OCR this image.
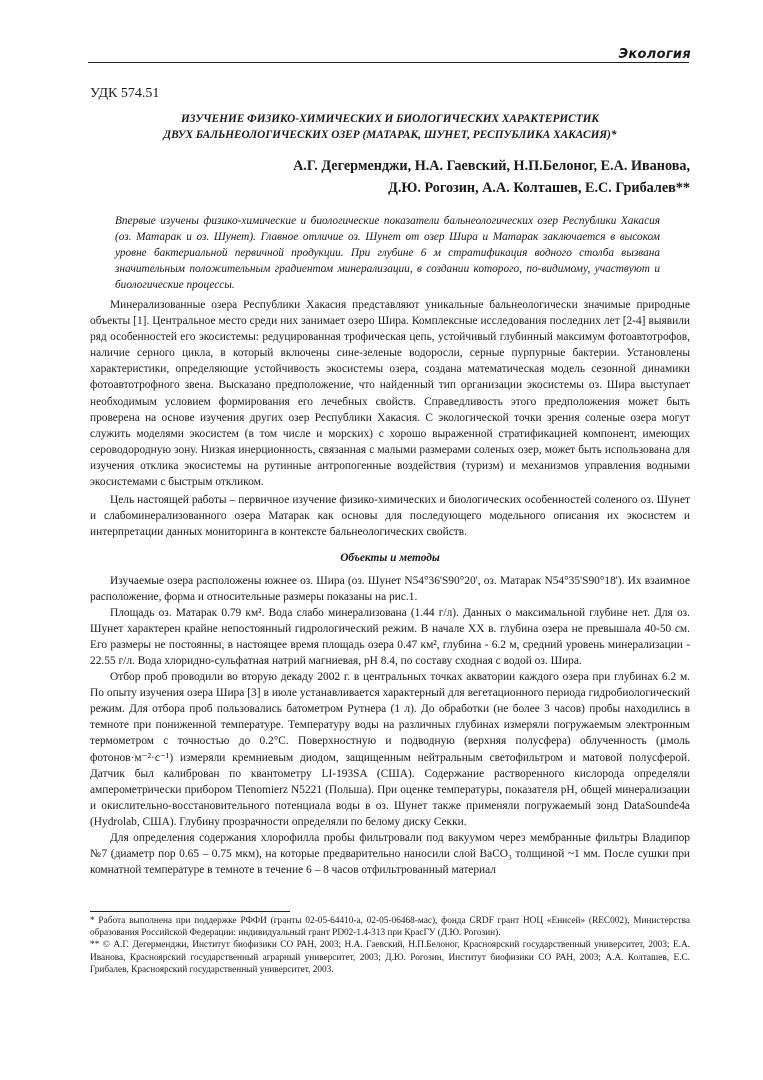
Экология
УДК 574.51
ИЗУЧЕНИЕ ФИЗИКО-ХИМИЧЕСКИХ И БИОЛОГИЧЕСКИХ ХАРАКТЕРИСТИК
ДВУХ БАЛЬНЕОЛОГИЧЕСКИХ ОЗЕР (МАТАРАК, ШУНЕТ, РЕСПУБЛИКА ХАКАСИЯ)*
А.Г. Дегерменджи, Н.А. Гаевский, Н.П.Белоног, Е.А. Иванова,
Д.Ю. Рогозин, А.А. Колташев, Е.С. Грибалев**
Впервые изучены физико-химические и биологические показатели бальнеологических озер Республики Хакасия (оз. Матарак и оз. Шунет). Главное отличие оз. Шунет от озер Шира и Матарак заключается в высоком уровне бактериальной первичной продукции. При глубине 6 м стратификация водного столба вызвана значительным положительным градиентом минерализации, в создании которого, по-видимому, участвуют и биологические процессы.

Минерализованные озера Республики Хакасия представляют уникальные бальнеологически значимые природные объекты [1]. Центральное место среди них занимает озеро Шира. Комплексные исследования последних лет [2-4] выявили ряд особенностей его экосистемы: редуцированная трофическая цепь, устойчивый глубинный максимум фотоавтотрофов, наличие серного цикла, в который включены сине-зеленые водоросли, серные пурпурные бактерии. Установлены характеристики, определяющие устойчивость экосистемы озера, создана математическая модель сезонной динамики фотоавтотрофного звена. Высказано предположение, что найденный тип организации экосистемы оз. Шира выступает необходимым условием формирования его лечебных свойств. Справедливость этого предположения может быть проверена на основе изучения других озер Республики Хакасия. С экологической точки зрения соленые озера могут служить моделями экосистем (в том числе и морских) с хорошо выраженной стратификацией компонент, имеющих сероводородную зону. Низкая инерционность, связанная с малыми размерами соленых озер, может быть использована для изучения отклика экосистемы на рутинные антропогенные воздействия (туризм) и механизмов управления водными экосистемами с быстрым откликом.

Цель настоящей работы – первичное изучение физико-химических и биологических особенностей соленого оз. Шунет и слабоминерализованного озера Матарак как основы для последующего модельного описания их экосистем и интерпретации данных мониторинга в контексте бальнеологических свойств.

Объекты и методы

Изучаемые озера расположены южнее оз. Шира (оз. Шунет N54°36'S90°20', оз. Матарак N54°35'S90°18'). Их взаимное расположение, форма и относительные размеры показаны на рис.1.

Площадь оз. Матарак 0.79 км². Вода слабо минерализована (1.44 г/л). Данных о максимальной глубине нет. Для оз. Шунет характерен крайне непостоянный гидрологический режим. В начале XX в. глубина озера не превышала 40-50 см. Его размеры не постоянны, в настоящее время площадь озера 0.47 км², глубина - 6.2 м, средний уровень минерализации - 22.55 г/л. Вода хлоридно-сульфатная натрий магниевая, pH 8.4, по составу сходная с водой оз. Шира.

Отбор проб проводили во вторую декаду 2002 г. в центральных точках акватории каждого озера при глубинах 6.2 м. По опыту изучения озера Шира [3] в июле устанавливается характерный для вегетационного периода гидробиологический режим. Для отбора проб пользовались батометром Рутнера (1 л). До обработки (не более 3 часов) пробы находились в темноте при пониженной температуре. Температуру воды на различных глубинах измеряли погружаемым электронным термометром с точностью до 0.2°C. Поверхностную и подводную (верхняя полусфера) облученность (µмоль фотонов·м⁻²·с⁻¹) измеряли кремниевым диодом, защищенным нейтральным светофильтром и матовой полусферой. Датчик был калиброван по квантометру LI-193SA (США). Содержание растворенного кислорода определяли амперометрически прибором Tlenomierz N5221 (Польша). При оценке температуры, показателя pH, общей минерализации и окислительно-восстановительного потенциала воды в оз. Шунет также применяли погружаемый зонд DataSounde4a (Hydrolab, США). Глубину прозрачности определяли по белому диску Секки.

Для определения содержания хлорофилла пробы фильтровали под вакуумом через мембранные фильтры Владипор №7 (диаметр пор 0.65 – 0.75 мкм), на которые предварительно наносили слой BaCO₃ толщиной ~1 мм. После сушки при комнатной температуре в темноте в течение 6 – 8 часов отфильтрованный материал

* Работа выполнена при поддержке РФФИ (гранты 02-05-64410-а, 02-05-06468-мас), фонда CRDF грант НОЦ «Енисей» (REC002), Министерства образования Российской Федерации: индивидуальный грант PD02-1.4-313 при КрасГУ (Д.Ю. Рогозин).

** © А.Г. Дегерменджи, Институт биофизики СО РАН, 2003; Н.А. Гаевский, Н.П.Белоног, Красноярский государственный университет, 2003; Е.А. Иванова, Красноярский государственный аграрный университет, 2003; Д.Ю. Рогозин, Институт биофизики СО РАН, 2003; А.А. Колташев, Е.С. Грибалев, Красноярский государственный университет, 2003.
